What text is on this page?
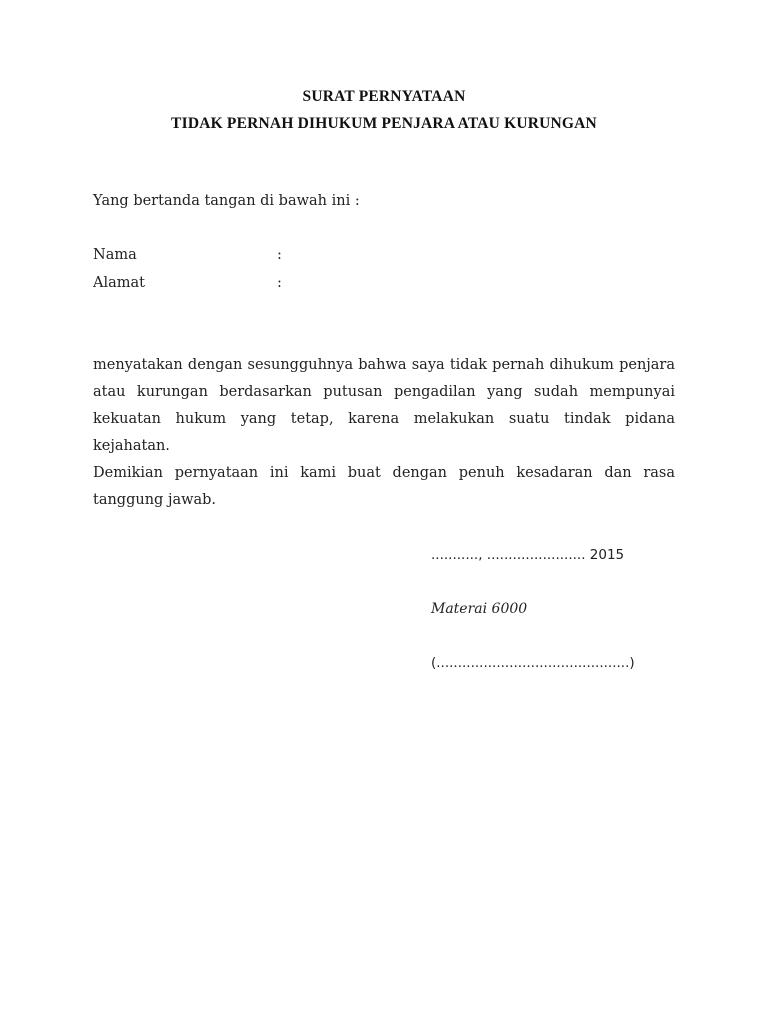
SURAT PERNYATAAN
TIDAK PERNAH DIHUKUM PENJARA ATAU KURUNGAN
Yang bertanda tangan di bawah ini :
Nama	:
Alamat	:
menyatakan dengan sesungguhnya bahwa saya tidak pernah dihukum penjara atau kurungan berdasarkan putusan pengadilan yang sudah mempunyai kekuatan hukum yang tetap, karena melakukan suatu tindak pidana kejahatan.
Demikian pernyataan ini kami buat dengan penuh kesadaran dan rasa tanggung jawab.
..........., ....................... 2015
Materai 6000
(.............................................)
